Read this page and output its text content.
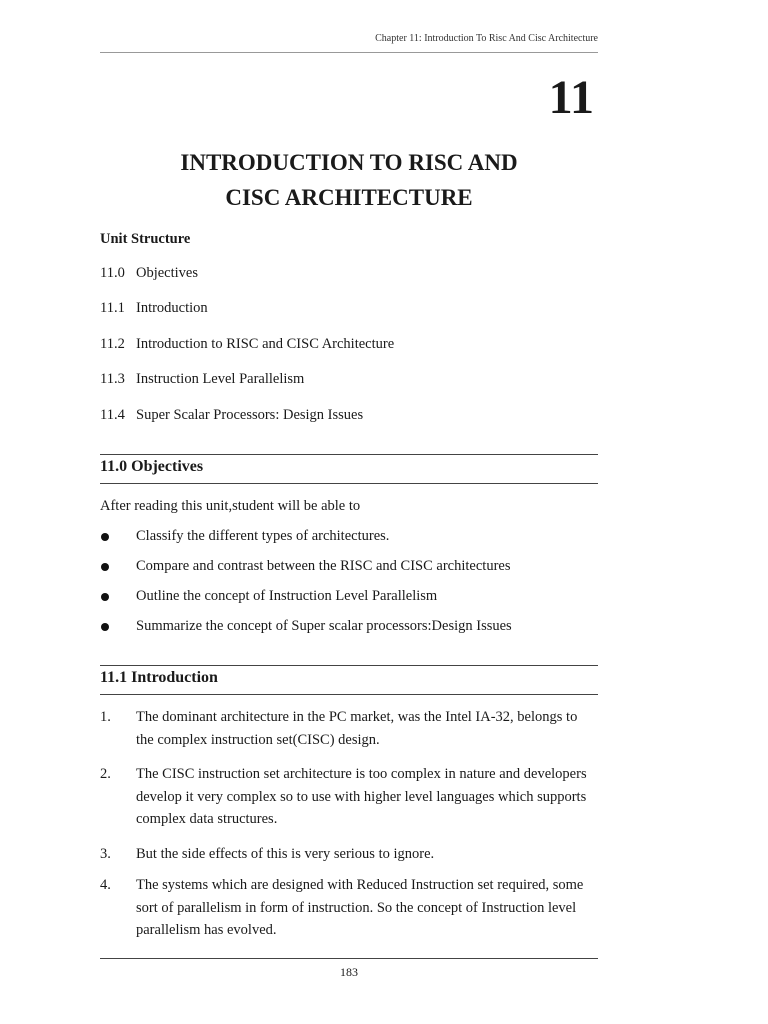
Chapter 11: Introduction To Risc And Cisc Architecture
11
INTRODUCTION TO RISC AND
CISC ARCHITECTURE
Unit Structure
11.0 Objectives
11.1 Introduction
11.2 Introduction to RISC and CISC Architecture
11.3 Instruction Level Parallelism
11.4 Super Scalar Processors: Design Issues
11.0 Objectives
After reading this unit,student will be able to
Classify the different types of architectures.
Compare and contrast between the RISC and CISC architectures
Outline the concept of Instruction Level Parallelism
Summarize the concept of Super scalar processors:Design Issues
11.1 Introduction
1. The dominant architecture in the PC market, was the Intel IA-32, belongs to the complex instruction set(CISC) design.
2. The CISC instruction set architecture is too complex in nature and developers develop it very complex so to use with higher level languages which supports complex data structures.
3. But the side effects of this is very serious to ignore.
4. The systems which are designed with Reduced Instruction set required, some sort of parallelism in form of instruction. So the concept of Instruction level parallelism has evolved.
183
